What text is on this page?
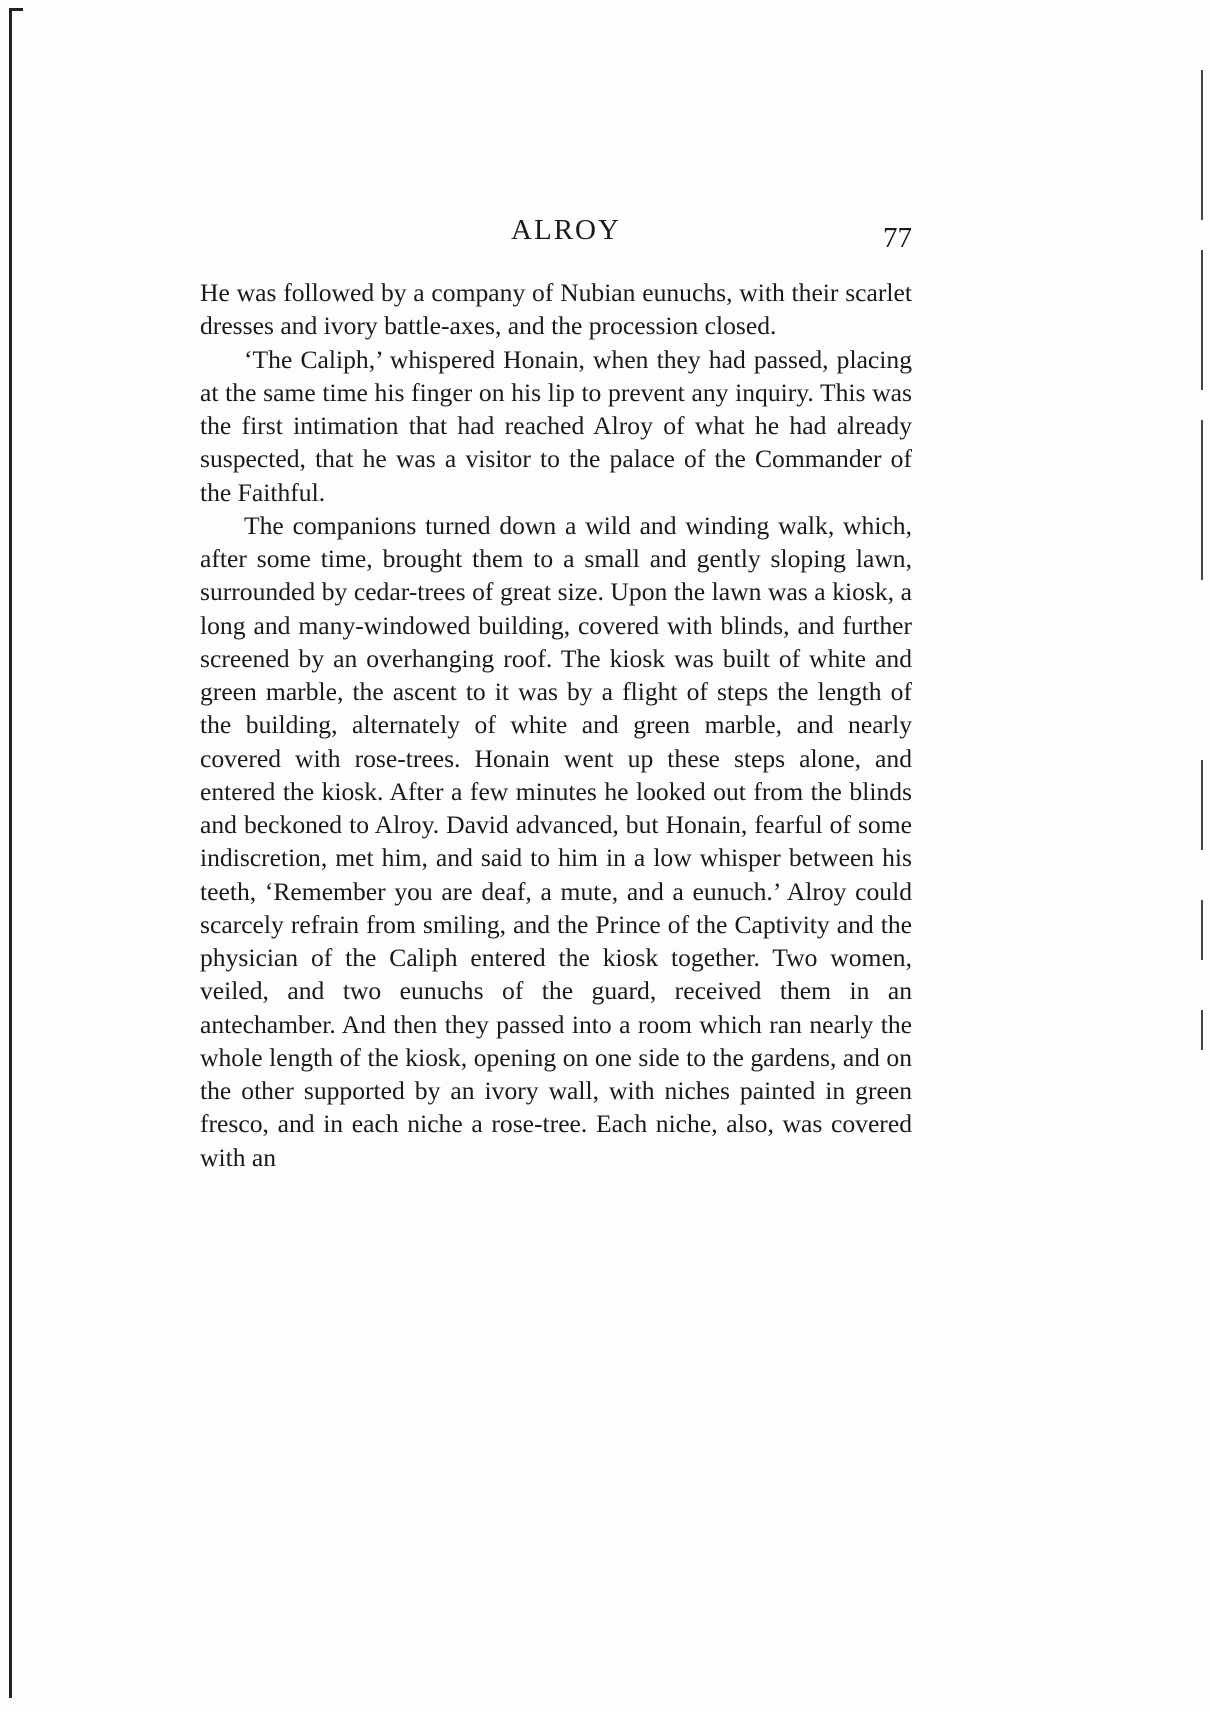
ALROY	77

He was followed by a company of Nubian eunuchs, with their scarlet dresses and ivory battle-axes, and the procession closed.

‘The Caliph,’ whispered Honain, when they had passed, placing at the same time his finger on his lip to prevent any inquiry. This was the first intimation that had reached Alroy of what he had already suspected, that he was a visitor to the palace of the Commander of the Faithful.

The companions turned down a wild and winding walk, which, after some time, brought them to a small and gently sloping lawn, surrounded by cedar-trees of great size. Upon the lawn was a kiosk, a long and many-windowed building, covered with blinds, and further screened by an overhanging roof. The kiosk was built of white and green marble, the ascent to it was by a flight of steps the length of the building, alternately of white and green marble, and nearly covered with rose-trees. Honain went up these steps alone, and entered the kiosk. After a few minutes he looked out from the blinds and beckoned to Alroy. David advanced, but Honain, fearful of some indiscretion, met him, and said to him in a low whisper between his teeth, ‘Remember you are deaf, a mute, and a eunuch.’ Alroy could scarcely refrain from smiling, and the Prince of the Captivity and the physician of the Caliph entered the kiosk together. Two women, veiled, and two eunuchs of the guard, received them in an antechamber. And then they passed into a room which ran nearly the whole length of the kiosk, opening on one side to the gardens, and on the other supported by an ivory wall, with niches painted in green fresco, and in each niche a rose-tree. Each niche, also, was covered with an
